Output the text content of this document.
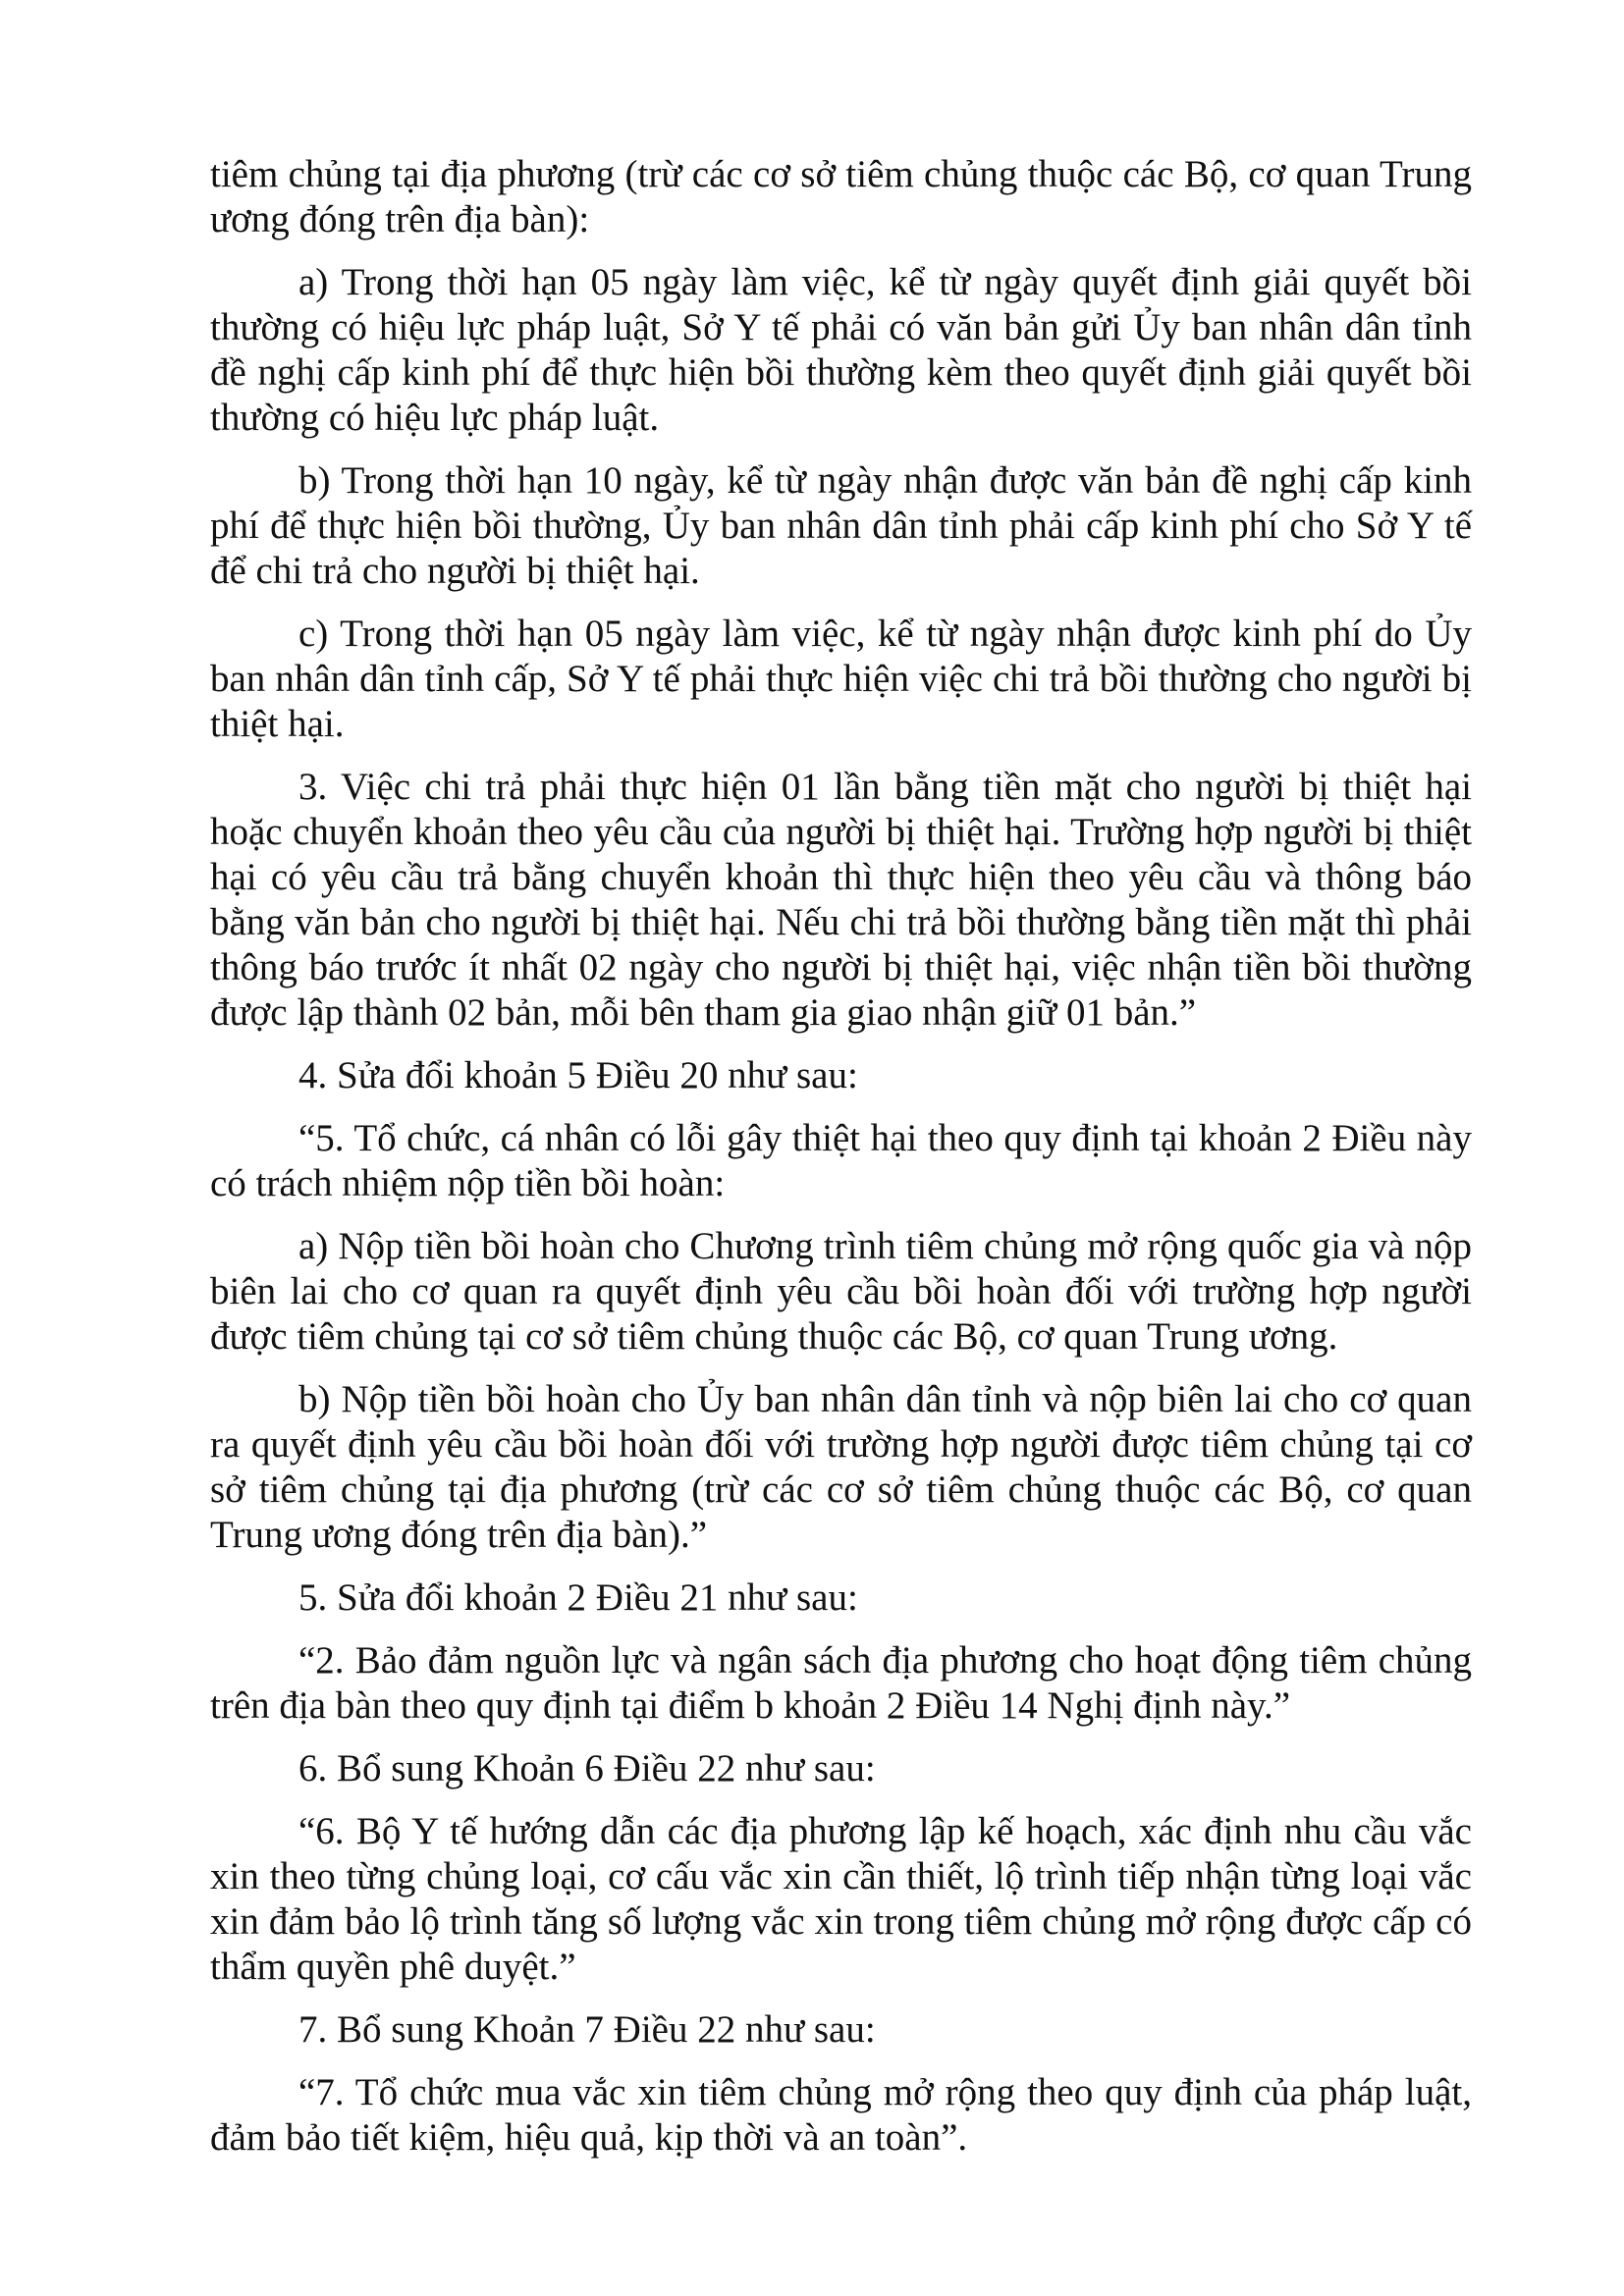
tiêm chủng tại địa phương (trừ các cơ sở tiêm chủng thuộc các Bộ, cơ quan Trung ương đóng trên địa bàn):

a) Trong thời hạn 05 ngày làm việc, kể từ ngày quyết định giải quyết bồi thường có hiệu lực pháp luật, Sở Y tế phải có văn bản gửi Ủy ban nhân dân tỉnh đề nghị cấp kinh phí để thực hiện bồi thường kèm theo quyết định giải quyết bồi thường có hiệu lực pháp luật.

b) Trong thời hạn 10 ngày, kể từ ngày nhận được văn bản đề nghị cấp kinh phí để thực hiện bồi thường, Ủy ban nhân dân tỉnh phải cấp kinh phí cho Sở Y tế để chi trả cho người bị thiệt hại.

c) Trong thời hạn 05 ngày làm việc, kể từ ngày nhận được kinh phí do Ủy ban nhân dân tỉnh cấp, Sở Y tế phải thực hiện việc chi trả bồi thường cho người bị thiệt hại.

3. Việc chi trả phải thực hiện 01 lần bằng tiền mặt cho người bị thiệt hại hoặc chuyển khoản theo yêu cầu của người bị thiệt hại. Trường hợp người bị thiệt hại có yêu cầu trả bằng chuyển khoản thì thực hiện theo yêu cầu và thông báo bằng văn bản cho người bị thiệt hại. Nếu chi trả bồi thường bằng tiền mặt thì phải thông báo trước ít nhất 02 ngày cho người bị thiệt hại, việc nhận tiền bồi thường được lập thành 02 bản, mỗi bên tham gia giao nhận giữ 01 bản.”

4. Sửa đổi khoản 5 Điều 20 như sau:

“5. Tổ chức, cá nhân có lỗi gây thiệt hại theo quy định tại khoản 2 Điều này có trách nhiệm nộp tiền bồi hoàn:

a) Nộp tiền bồi hoàn cho Chương trình tiêm chủng mở rộng quốc gia và nộp biên lai cho cơ quan ra quyết định yêu cầu bồi hoàn đối với trường hợp người được tiêm chủng tại cơ sở tiêm chủng thuộc các Bộ, cơ quan Trung ương.

b) Nộp tiền bồi hoàn cho Ủy ban nhân dân tỉnh và nộp biên lai cho cơ quan ra quyết định yêu cầu bồi hoàn đối với trường hợp người được tiêm chủng tại cơ sở tiêm chủng tại địa phương (trừ các cơ sở tiêm chủng thuộc các Bộ, cơ quan Trung ương đóng trên địa bàn).”

5. Sửa đổi khoản 2 Điều 21 như sau:

“2. Bảo đảm nguồn lực và ngân sách địa phương cho hoạt động tiêm chủng trên địa bàn theo quy định tại điểm b khoản 2 Điều 14 Nghị định này.”

6. Bổ sung Khoản 6 Điều 22 như sau:

“6. Bộ Y tế hướng dẫn các địa phương lập kế hoạch, xác định nhu cầu vắc xin theo từng chủng loại, cơ cấu vắc xin cần thiết, lộ trình tiếp nhận từng loại vắc xin đảm bảo lộ trình tăng số lượng vắc xin trong tiêm chủng mở rộng được cấp có thẩm quyền phê duyệt.”

7. Bổ sung Khoản 7 Điều 22 như sau:

“7. Tổ chức mua vắc xin tiêm chủng mở rộng theo quy định của pháp luật, đảm bảo tiết kiệm, hiệu quả, kịp thời và an toàn”.
